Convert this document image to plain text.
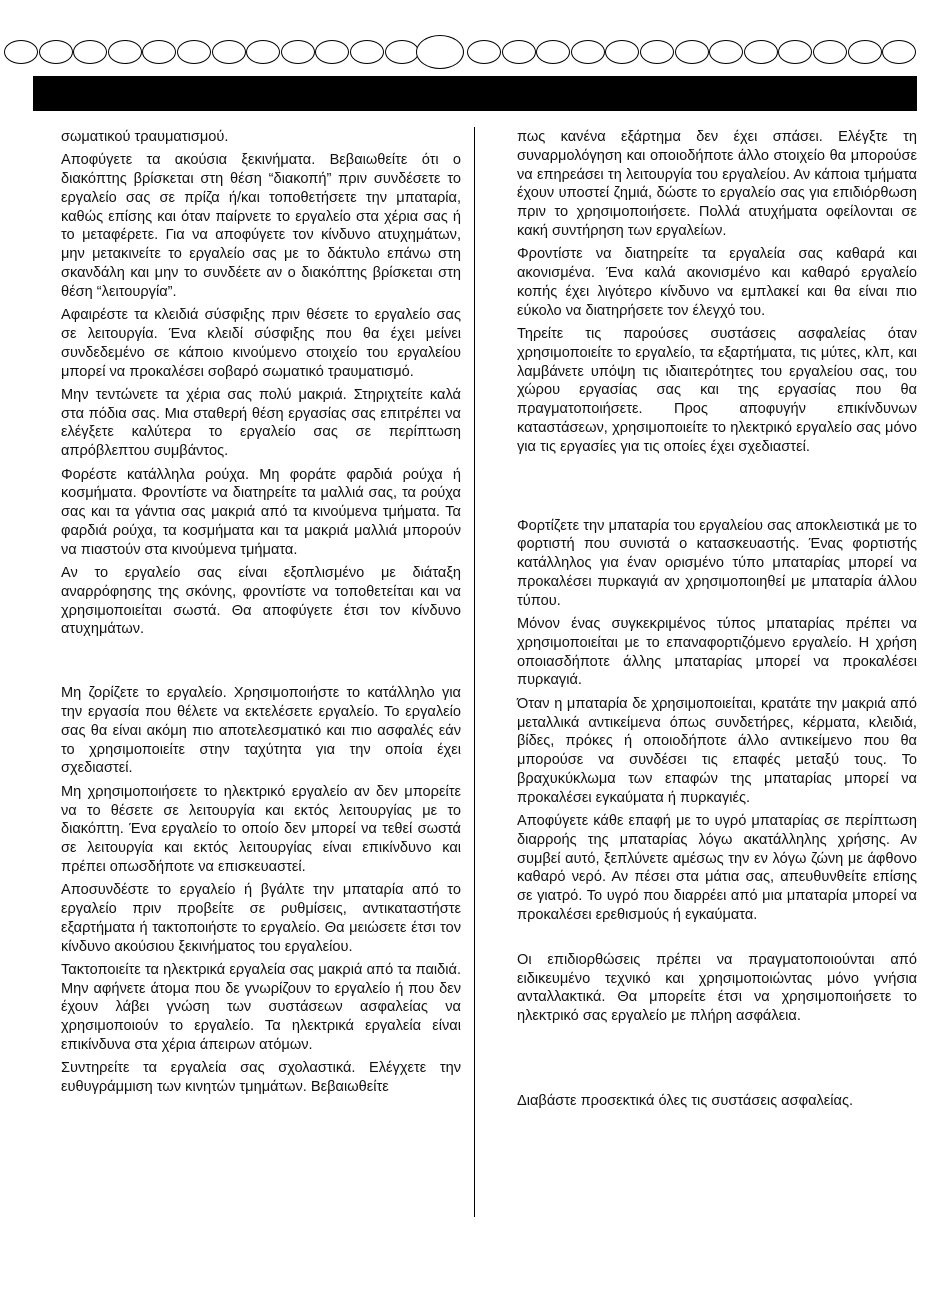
σωματικού τραυματισμού.

Αποφύγετε τα ακούσια ξεκινήματα. Βεβαιωθείτε ότι ο διακόπτης βρίσκεται στη θέση “διακοπή” πριν συνδέσετε το εργαλείο σας σε πρίζα ή/και τοποθετήσετε την μπαταρία, καθώς επίσης και όταν παίρνετε το εργαλείο στα χέρια σας ή το μεταφέρετε. Για να αποφύγετε τον κίνδυνο ατυχημάτων, μην μετακινείτε το εργαλείο σας με το δάκτυλο επάνω στη σκανδάλη και μην το συνδέετε αν ο διακόπτης βρίσκεται στη θέση “λειτουργία”.

Αφαιρέστε τα κλειδιά σύσφιξης πριν θέσετε το εργαλείο σας σε λειτουργία. Ένα κλειδί σύσφιξης που θα έχει μείνει συνδεδεμένο σε κάποιο κινούμενο στοιχείο του εργαλείου μπορεί να προκαλέσει σοβαρό σωματικό τραυματισμό.

Μην τεντώνετε τα χέρια σας πολύ μακριά. Στηριχτείτε καλά στα πόδια σας. Μια σταθερή θέση εργασίας σας επιτρέπει να ελέγξετε καλύτερα το εργαλείο σας σε περίπτωση απρόβλεπτου συμβάντος.

Φορέστε κατάλληλα ρούχα. Μη φοράτε φαρδιά ρούχα ή κοσμήματα. Φροντίστε να διατηρείτε τα μαλλιά σας, τα ρούχα σας και τα γάντια σας μακριά από τα κινούμενα τμήματα. Τα φαρδιά ρούχα, τα κοσμήματα και τα μακριά μαλλιά μπορούν να πιαστούν στα κινούμενα τμήματα.

Αν το εργαλείο σας είναι εξοπλισμένο με διάταξη αναρρόφησης της σκόνης, φροντίστε να τοποθετείται και να χρησιμοποιείται σωστά. Θα αποφύγετε έτσι τον κίνδυνο ατυχημάτων.

Μη ζορίζετε το εργαλείο. Χρησιμοποιήστε το κατάλληλο για την εργασία που θέλετε να εκτελέσετε εργαλείο. Το εργαλείο σας θα είναι ακόμη πιο αποτελεσματικό και πιο ασφαλές εάν το χρησιμοποιείτε στην ταχύτητα για την οποία έχει σχεδιαστεί.

Μη χρησιμοποιήσετε το ηλεκτρικό εργαλείο αν δεν μπορείτε να το θέσετε σε λειτουργία και εκτός λειτουργίας με το διακόπτη. Ένα εργαλείο το οποίο δεν μπορεί να τεθεί σωστά σε λειτουργία και εκτός λειτουργίας είναι επικίνδυνο και πρέπει οπωσδήποτε να επισκευαστεί.

Αποσυνδέστε το εργαλείο ή βγάλτε την μπαταρία από το εργαλείο πριν προβείτε σε ρυθμίσεις, αντικαταστήστε εξαρτήματα ή τακτοποιήστε το εργαλείο. Θα μειώσετε έτσι τον κίνδυνο ακούσιου ξεκινήματος του εργαλείου.

Τακτοποιείτε τα ηλεκτρικά εργαλεία σας μακριά από τα παιδιά. Μην αφήνετε άτομα που δε γνωρίζουν το εργαλείο ή που δεν έχουν λάβει γνώση των συστάσεων ασφαλείας να χρησιμοποιούν το εργαλείο. Τα ηλεκτρικά εργαλεία είναι επικίνδυνα στα χέρια άπειρων ατόμων.

Συντηρείτε τα εργαλεία σας σχολαστικά. Ελέγχετε την ευθυγράμμιση των κινητών τμημάτων. Βεβαιωθείτε

πως κανένα εξάρτημα δεν έχει σπάσει. Ελέγξτε τη συναρμολόγηση και οποιοδήποτε άλλο στοιχείο θα μπορούσε να επηρεάσει τη λειτουργία του εργαλείου. Αν κάποια τμήματα έχουν υποστεί ζημιά, δώστε το εργαλείο σας για επιδιόρθωση πριν το χρησιμοποιήσετε. Πολλά ατυχήματα οφείλονται σε κακή συντήρηση των εργαλείων.

Φροντίστε να διατηρείτε τα εργαλεία σας καθαρά και ακονισμένα. Ένα καλά ακονισμένο και καθαρό εργαλείο κοπής έχει λιγότερο κίνδυνο να εμπλακεί και θα είναι πιο εύκολο να διατηρήσετε τον έλεγχό του.

Τηρείτε τις παρούσες συστάσεις ασφαλείας όταν χρησιμοποιείτε το εργαλείο, τα εξαρτήματα, τις μύτες, κλπ, και λαμβάνετε υπόψη τις ιδιαιτερότητες του εργαλείου σας, του χώρου εργασίας σας και της εργασίας που θα πραγματοποιήσετε. Προς αποφυγήν επικίνδυνων καταστάσεων, χρησιμοποιείτε το ηλεκτρικό εργαλείο σας μόνο για τις εργασίες για τις οποίες έχει σχεδιαστεί.

Φορτίζετε την μπαταρία του εργαλείου σας αποκλειστικά με το φορτιστή που συνιστά ο κατασκευαστής. Ένας φορτιστής κατάλληλος για έναν ορισμένο τύπο μπαταρίας μπορεί να προκαλέσει πυρκαγιά αν χρησιμοποιηθεί με μπαταρία άλλου τύπου.

Μόνον ένας συγκεκριμένος τύπος μπαταρίας πρέπει να χρησιμοποιείται με το επαναφορτιζόμενο εργαλείο. Η χρήση οποιασδήποτε άλλης μπαταρίας μπορεί να προκαλέσει πυρκαγιά.

Όταν η μπαταρία δε χρησιμοποιείται, κρατάτε την μακριά από μεταλλικά αντικείμενα όπως συνδετήρες, κέρματα, κλειδιά, βίδες, πρόκες ή οποιοδήποτε άλλο αντικείμενο που θα μπορούσε να συνδέσει τις επαφές μεταξύ τους. Το βραχυκύκλωμα των επαφών της μπαταρίας μπορεί να προκαλέσει εγκαύματα ή πυρκαγιές.

Αποφύγετε κάθε επαφή με το υγρό μπαταρίας σε περίπτωση διαρροής της μπαταρίας λόγω ακατάλληλης χρήσης. Αν συμβεί αυτό, ξεπλύνετε αμέσως την εν λόγω ζώνη με άφθονο καθαρό νερό. Αν πέσει στα μάτια σας, απευθυνθείτε επίσης σε γιατρό. Το υγρό που διαρρέει από μια μπαταρία μπορεί να προκαλέσει ερεθισμούς ή εγκαύματα.

Οι επιδιορθώσεις πρέπει να πραγματοποιούνται από ειδικευμένο τεχνικό και χρησιμοποιώντας μόνο γνήσια ανταλλακτικά. Θα μπορείτε έτσι να χρησιμοποιήσετε το ηλεκτρικό σας εργαλείο με πλήρη ασφάλεια.

Διαβάστε προσεκτικά όλες τις συστάσεις ασφαλείας.
